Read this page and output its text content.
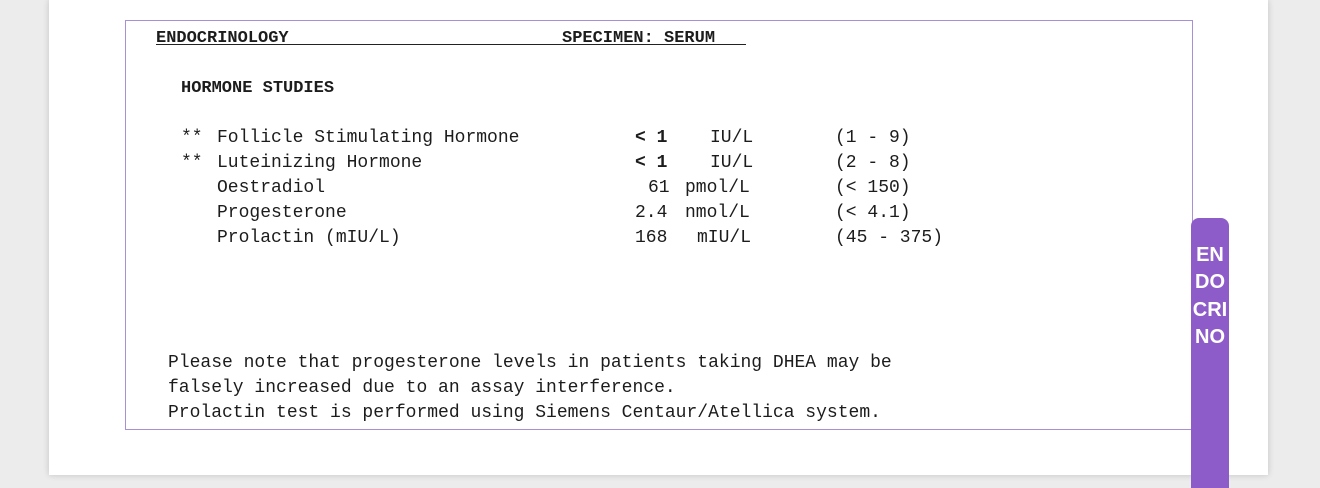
ENDOCRINOLOGY	SPECIMEN: SERUM
HORMONE STUDIES
** Follicle Stimulating Hormone	< 1 IU/L	(1 - 9)
** Luteinizing Hormone	< 1 IU/L	(2 - 8)
Oestradiol	61 pmol/L	(< 150)
Progesterone	2.4 nmol/L	(< 4.1)
Prolactin (mIU/L)	168 mIU/L	(45 - 375)
Please note that progesterone levels in patients taking DHEA may be
falsely increased due to an assay interference.
Prolactin test is performed using Siemens Centaur/Atellica system.
ENDOCRINO
